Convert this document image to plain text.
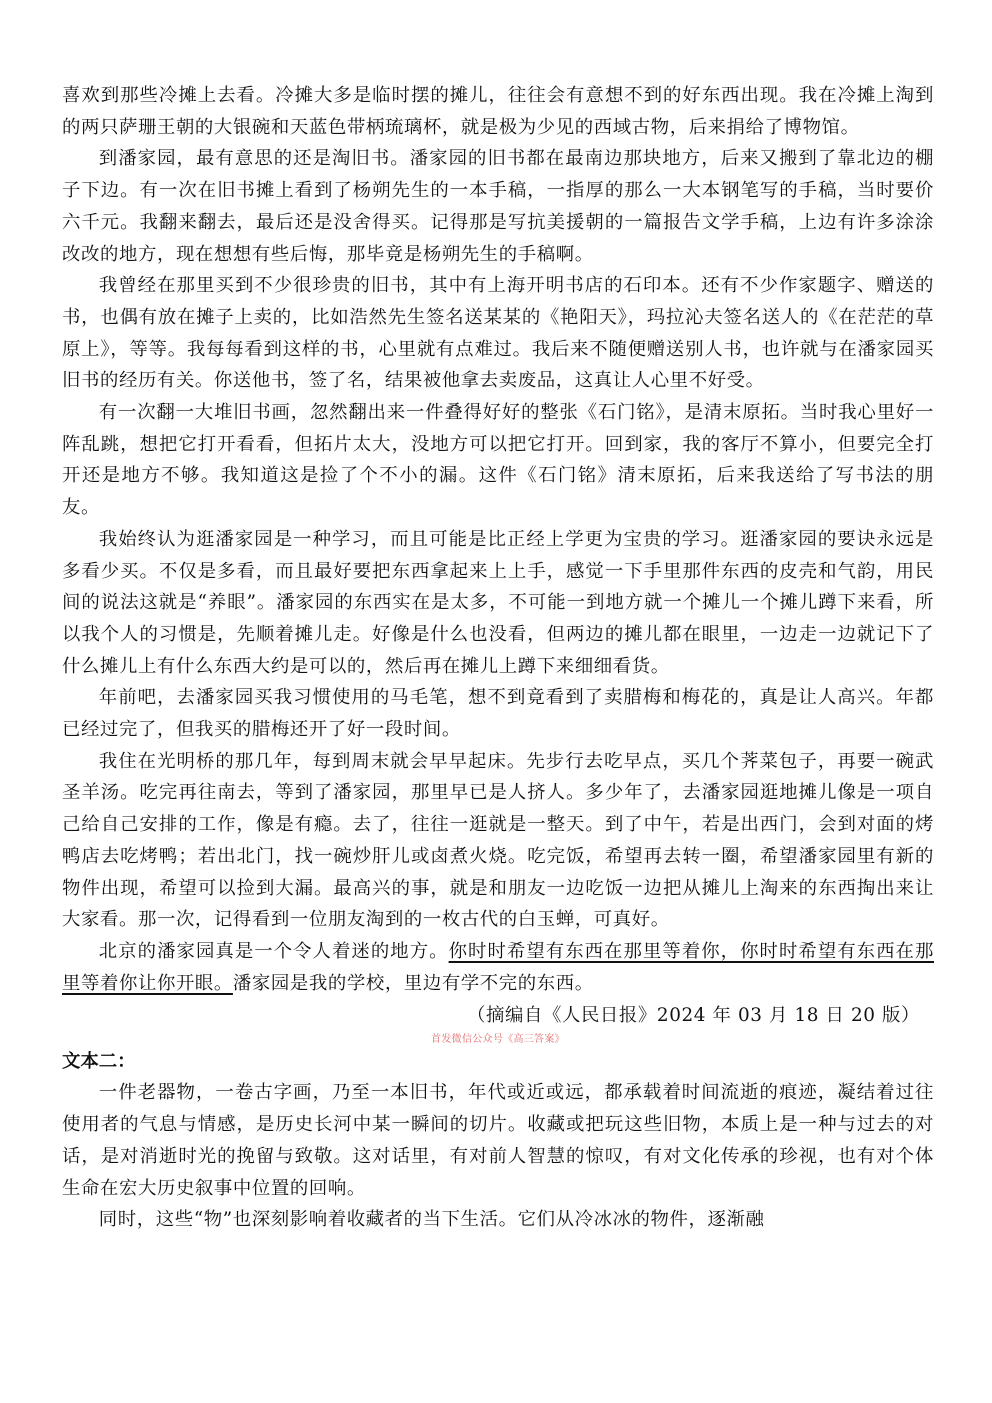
喜欢到那些冷摊上去看。冷摊大多是临时摆的摊儿，往往会有意想不到的好东西出现。我在冷摊上淘到的两只萨珊王朝的大银碗和天蓝色带柄琉璃杯，就是极为少见的西域古物，后来捐给了博物馆。

到潘家园，最有意思的还是淘旧书。潘家园的旧书都在最南边那块地方，后来又搬到了靠北边的棚子下边。有一次在旧书摊上看到了杨朔先生的一本手稿，一指厚的那么一大本钢笔写的手稿，当时要价六千元。我翻来翻去，最后还是没舍得买。记得那是写抗美援朝的一篇报告文学手稿，上边有许多涂涂改改的地方，现在想想有些后悔，那毕竟是杨朔先生的手稿啊。

我曾经在那里买到不少很珍贵的旧书，其中有上海开明书店的石印本。还有不少作家题字、赠送的书，也偶有放在摊子上卖的，比如浩然先生签名送某某的《艳阳天》，玛拉沁夫签名送人的《在茫茫的草原上》，等等。我每每看到这样的书，心里就有点难过。我后来不随便赠送别人书，也许就与在潘家园买旧书的经历有关。你送他书，签了名，结果被他拿去卖废品，这真让人心里不好受。

有一次翻一大堆旧书画，忽然翻出来一件叠得好好的整张《石门铭》，是清末原拓。当时我心里好一阵乱跳，想把它打开看看，但拓片太大，没地方可以把它打开。回到家，我的客厅不算小，但要完全打开还是地方不够。我知道这是捡了个不小的漏。这件《石门铭》清末原拓，后来我送给了写书法的朋友。

我始终认为逛潘家园是一种学习，而且可能是比正经上学更为宝贵的学习。逛潘家园的要诀永远是多看少买。不仅是多看，而且最好要把东西拿起来上上手，感觉一下手里那件东西的皮壳和气韵，用民间的说法这就是“养眼”。潘家园的东西实在是太多，不可能一到地方就一个摊儿一个摊儿蹲下来看，所以我个人的习惯是，先顺着摊儿走。好像是什么也没看，但两边的摊儿都在眼里，一边走一边就记下了什么摊儿上有什么东西大约是可以的，然后再在摊儿上蹲下来细细看货。

年前吧，去潘家园买我习惯使用的马毛笔，想不到竟看到了卖腊梅和梅花的，真是让人高兴。年都已经过完了，但我买的腊梅还开了好一段时间。

我住在光明桥的那几年，每到周末就会早早起床。先步行去吃早点，买几个荠菜包子，再要一碗武圣羊汤。吃完再往南去，等到了潘家园，那里早已是人挤人。多少年了，去潘家园逛地摊儿像是一项自己给自己安排的工作，像是有瘾。去了，往往一逛就是一整天。到了中午，若是出西门，会到对面的烤鸭店去吃烤鸭；若出北门，找一碗炒肝儿或卤煮火烧。吃完饭，希望再去转一圈，希望潘家园里有新的物件出现，希望可以捡到大漏。最高兴的事，就是和朋友一边吃饭一边把从摊儿上淘来的东西掏出来让大家看。那一次，记得看到一位朋友淘到的一枚古代的白玉蝉，可真好。

北京的潘家园真是一个令人着迷的地方。你时时希望有东西在那里等着你，你时时希望有东西在那里等着你让你开眼。潘家园是我的学校，里边有学不完的东西。

（摘编自《人民日报》2024 年 03 月 18 日 20 版）

首发微信公众号《高三答案》

文本二：

一件老器物，一卷古字画，乃至一本旧书，年代或近或远，都承载着时间流逝的痕迹，凝结着过往使用者的气息与情感，是历史长河中某一瞬间的切片。收藏或把玩这些旧物，本质上是一种与过去的对话，是对消逝时光的挽留与致敬。这对话里，有对前人智慧的惊叹，有对文化传承的珍视，也有对个体生命在宏大历史叙事中位置的回响。

同时，这些“物”也深刻影响着收藏者的当下生活。它们从冷冰冰的物件，逐渐融
